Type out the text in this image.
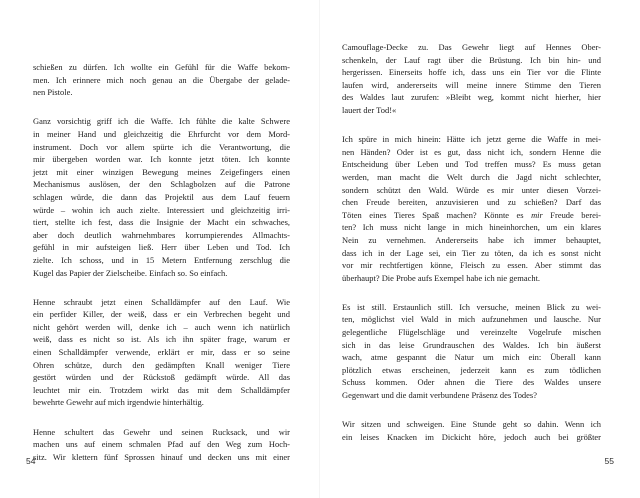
schießen zu dürfen. Ich wollte ein Gefühl für die Waffe bekom-
men. Ich erinnere mich noch genau an die Übergabe der gelade-
nen Pistole.

Ganz vorsichtig griff ich die Waffe. Ich fühlte die kalte Schwere
in meiner Hand und gleichzeitig die Ehrfurcht vor dem Mord-
instrument. Doch vor allem spürte ich die Verantwortung, die
mir übergeben worden war. Ich konnte jetzt töten. Ich konnte
jetzt mit einer winzigen Bewegung meines Zeigefingers einen
Mechanismus auslösen, der den Schlagbolzen auf die Patrone
schlagen würde, die dann das Projektil aus dem Lauf feuern
würde – wohin ich auch zielte. Interessiert und gleichzeitig irri-
tiert, stellte ich fest, dass die Insignie der Macht ein schwaches,
aber doch deutlich wahrnehmbares korrumpierendes Allmachts-
gefühl in mir aufsteigen ließ. Herr über Leben und Tod. Ich
zielte. Ich schoss, und in 15 Metern Entfernung zerschlug die
Kugel das Papier der Zielscheibe. Einfach so. So einfach.

Henne schraubt jetzt einen Schalldämpfer auf den Lauf. Wie
ein perfider Killer, der weiß, dass er ein Verbrechen begeht und
nicht gehört werden will, denke ich – auch wenn ich natürlich
weiß, dass es nicht so ist. Als ich ihn später frage, warum er
einen Schalldämpfer verwende, erklärt er mir, dass er so seine
Ohren schütze, durch den gedämpften Knall weniger Tiere
gestört würden und der Rückstoß gedämpft würde. All das
leuchtet mir ein. Trotzdem wirkt das mit dem Schalldämpfer
bewehrte Gewehr auf mich irgendwie hinterhältig.

Henne schultert das Gewehr und seinen Rucksack, und wir
machen uns auf einem schmalen Pfad auf den Weg zum Hoch-
sitz. Wir klettern fünf Sprossen hinauf und decken uns mit einer

54

Camouflage-Decke zu. Das Gewehr liegt auf Hennes Ober-
schenkeln, der Lauf ragt über die Brüstung. Ich bin hin- und
hergerissen. Einerseits hoffe ich, dass uns ein Tier vor die Flinte
laufen wird, andererseits will meine innere Stimme den Tieren
des Waldes laut zurufen: »Bleibt weg, kommt nicht hierher, hier
lauert der Tod!«

Ich spüre in mich hinein: Hätte ich jetzt gerne die Waffe in mei-
nen Händen? Oder ist es gut, dass nicht ich, sondern Henne die
Entscheidung über Leben und Tod treffen muss? Es muss getan
werden, man macht die Welt durch die Jagd nicht schlechter,
sondern schützt den Wald. Würde es mir unter diesen Vorzei-
chen Freude bereiten, anzuvisieren und zu schießen? Darf das
Töten eines Tieres Spaß machen? Könnte es mir Freude berei-
ten? Ich muss nicht lange in mich hineinhorchen, um ein klares
Nein zu vernehmen. Andererseits habe ich immer behauptet,
dass ich in der Lage sei, ein Tier zu töten, da ich es sonst nicht
vor mir rechtfertigen könne, Fleisch zu essen. Aber stimmt das
überhaupt? Die Probe aufs Exempel habe ich nie gemacht.

Es ist still. Erstaunlich still. Ich versuche, meinen Blick zu wei-
ten, möglichst viel Wald in mich aufzunehmen und lausche. Nur
gelegentliche Flügelschläge und vereinzelte Vogelrufe mischen
sich in das leise Grundrauschen des Waldes. Ich bin äußerst
wach, atme gespannt die Natur um mich ein: Überall kann
plötzlich etwas erscheinen, jederzeit kann es zum tödlichen
Schuss kommen. Oder ahnen die Tiere des Waldes unsere
Gegenwart und die damit verbundene Präsenz des Todes?

Wir sitzen und schweigen. Eine Stunde geht so dahin. Wenn ich
ein leises Knacken im Dickicht höre, jedoch auch bei größter

55
